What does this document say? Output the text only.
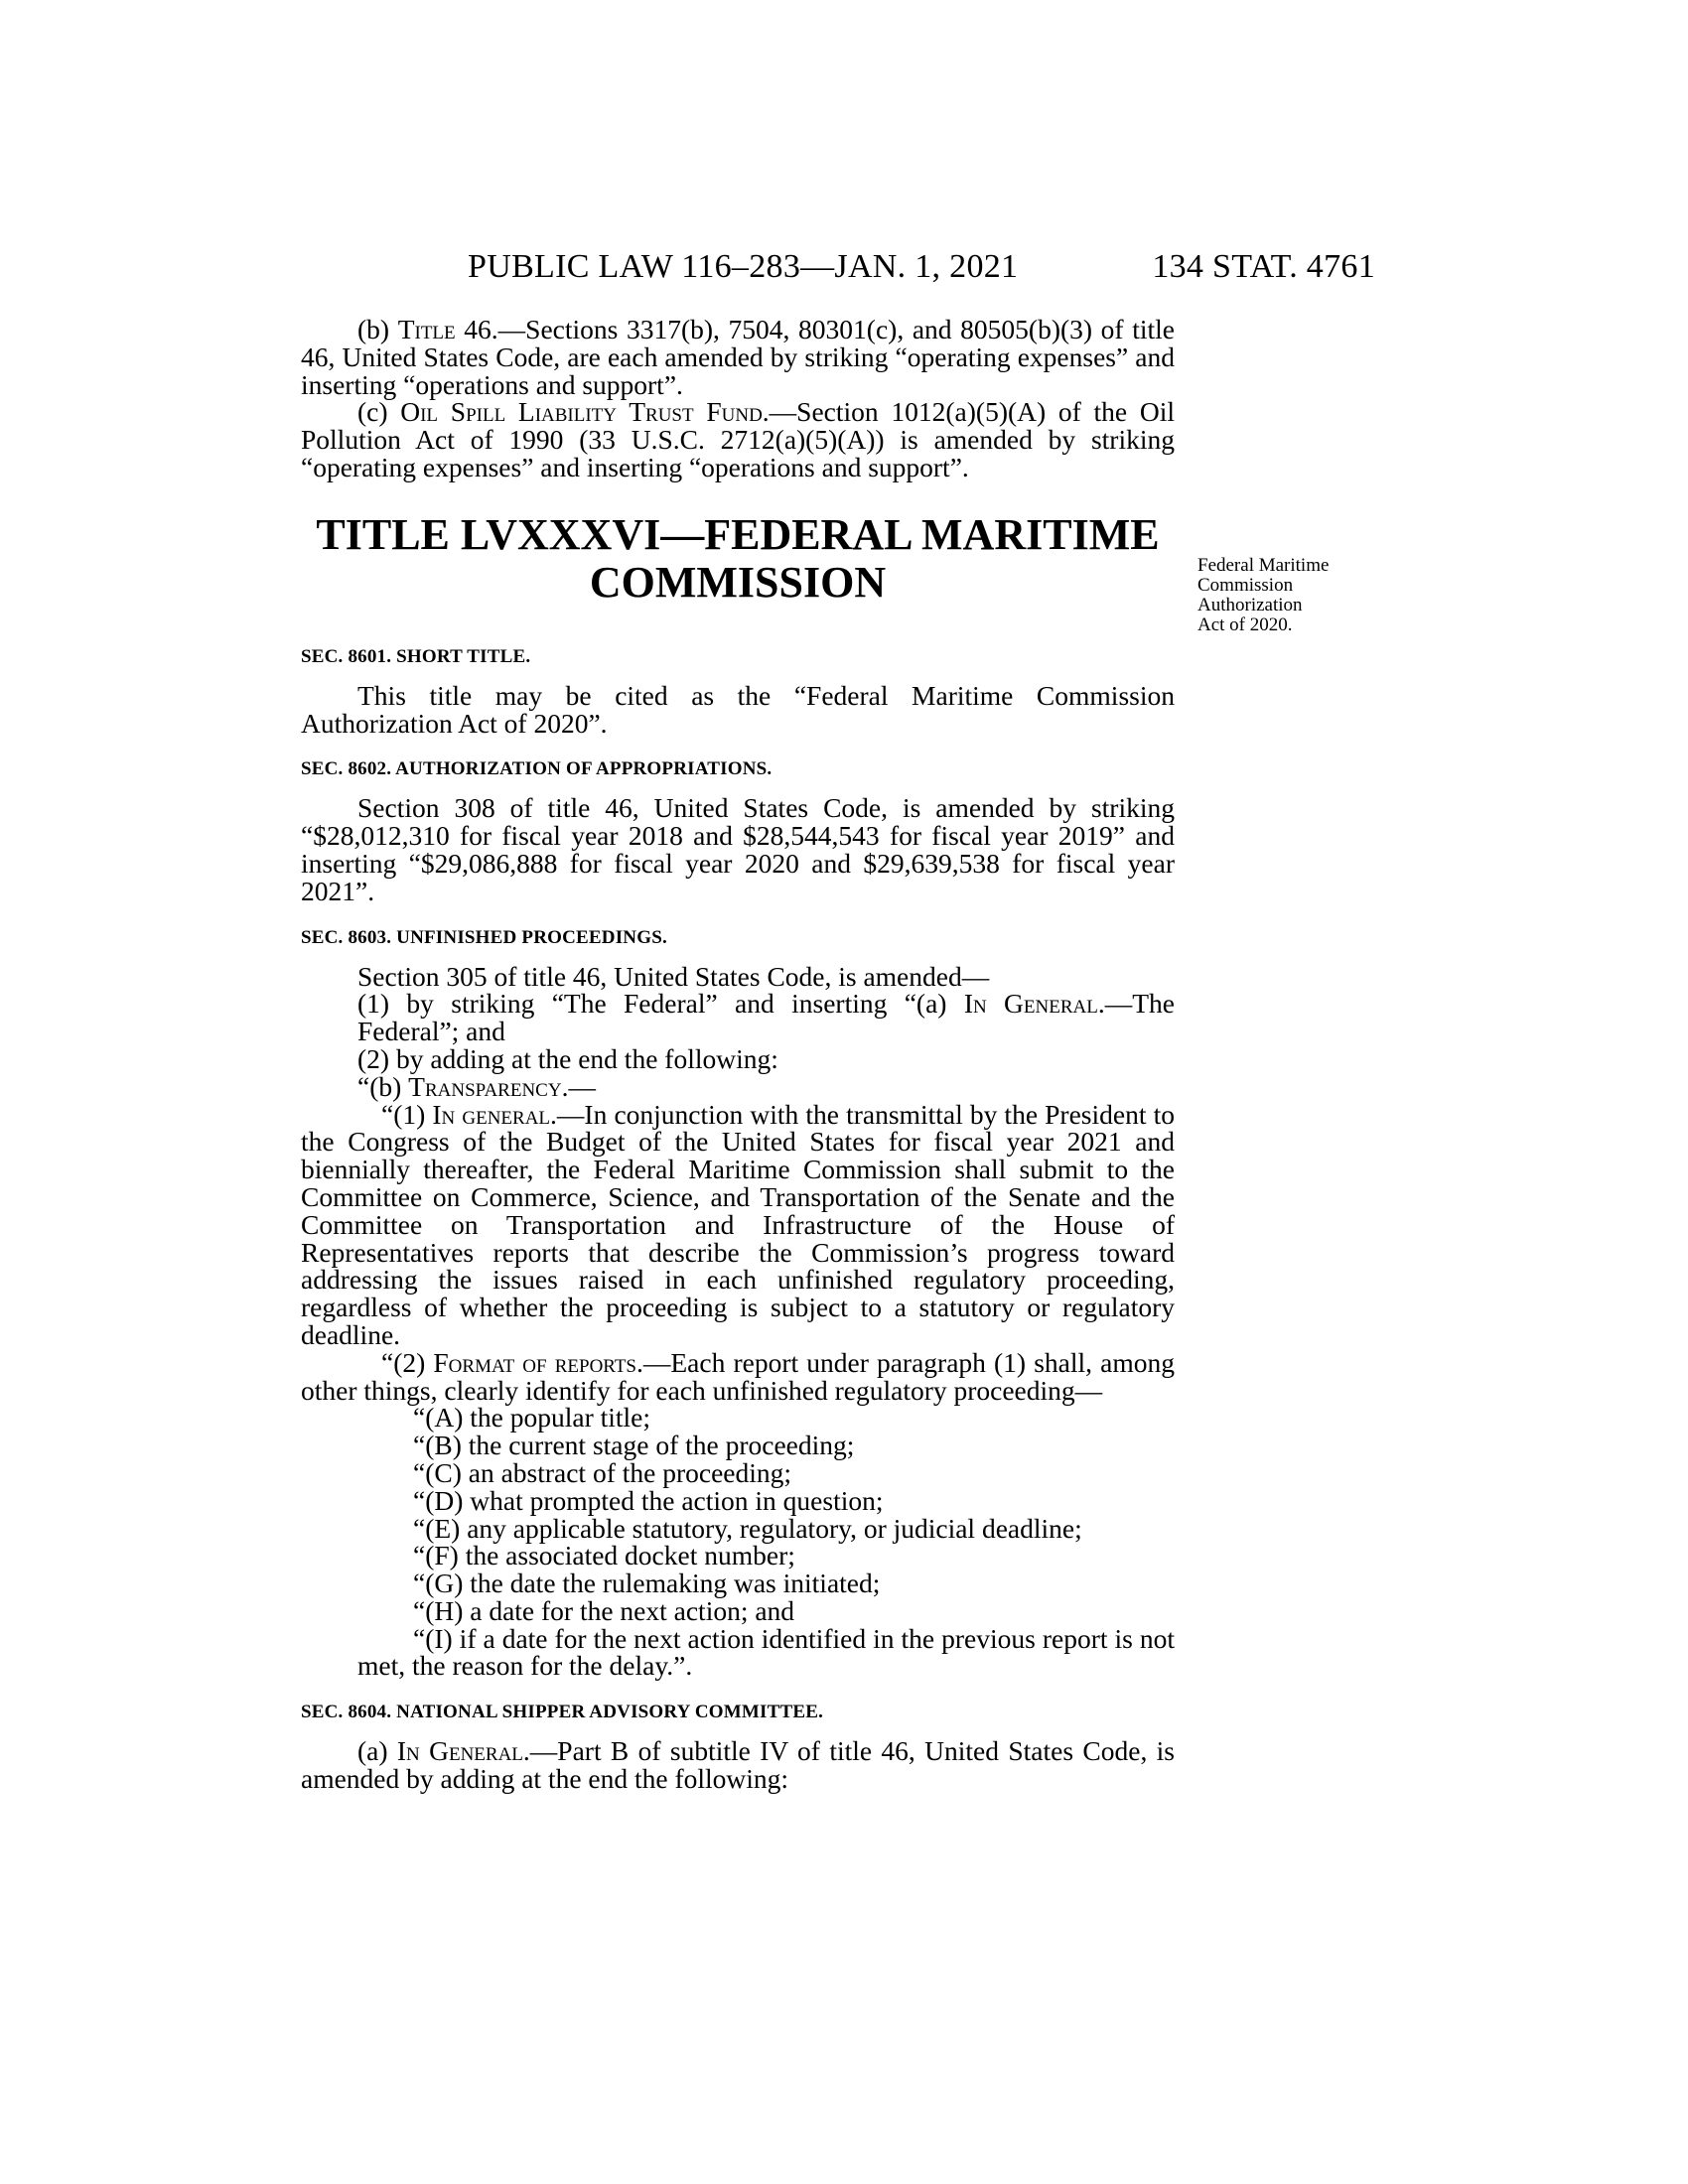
PUBLIC LAW 116–283—JAN. 1, 2021	134 STAT. 4761
Federal Maritime
Commission
Authorization
Act of 2020.

(b) Title 46.—Sections 3317(b), 7504, 80301(c), and 80505(b)(3) of title 46, United States Code, are each amended by striking “operating expenses” and inserting “operations and support”.

(c) Oil Spill Liability Trust Fund.—Section 1012(a)(5)(A) of the Oil Pollution Act of 1990 (33 U.S.C. 2712(a)(5)(A)) is amended by striking “operating expenses” and inserting “operations and support”.

TITLE LVXXXVI—FEDERAL MARITIME
COMMISSION
SEC. 8601. SHORT TITLE.

This title may be cited as the “Federal Maritime Commission Authorization Act of 2020”.

SEC. 8602. AUTHORIZATION OF APPROPRIATIONS.

Section 308 of title 46, United States Code, is amended by striking “$28,012,310 for fiscal year 2018 and $28,544,543 for fiscal year 2019” and inserting “$29,086,888 for fiscal year 2020 and $29,639,538 for fiscal year 2021”.

SEC. 8603. UNFINISHED PROCEEDINGS.

Section 305 of title 46, United States Code, is amended—

(1) by striking “The Federal” and inserting “(a) In General.—The Federal”; and

(2) by adding at the end the following:

“(b) Transparency.—

“(1) In general.—In conjunction with the transmittal by the President to the Congress of the Budget of the United States for fiscal year 2021 and biennially thereafter, the Federal Maritime Commission shall submit to the Committee on Commerce, Science, and Transportation of the Senate and the Committee on Transportation and Infrastructure of the House of Representatives reports that describe the Commission’s progress toward addressing the issues raised in each unfinished regulatory proceeding, regardless of whether the proceeding is subject to a statutory or regulatory deadline.

“(2) Format of reports.—Each report under paragraph (1) shall, among other things, clearly identify for each unfinished regulatory proceeding—

“(A) the popular title;

“(B) the current stage of the proceeding;

“(C) an abstract of the proceeding;

“(D) what prompted the action in question;

“(E) any applicable statutory, regulatory, or judicial deadline;

“(F) the associated docket number;

“(G) the date the rulemaking was initiated;

“(H) a date for the next action; and

“(I) if a date for the next action identified in the previous report is not met, the reason for the delay.”.

SEC. 8604. NATIONAL SHIPPER ADVISORY COMMITTEE.

(a) In General.—Part B of subtitle IV of title 46, United States Code, is amended by adding at the end the following:
